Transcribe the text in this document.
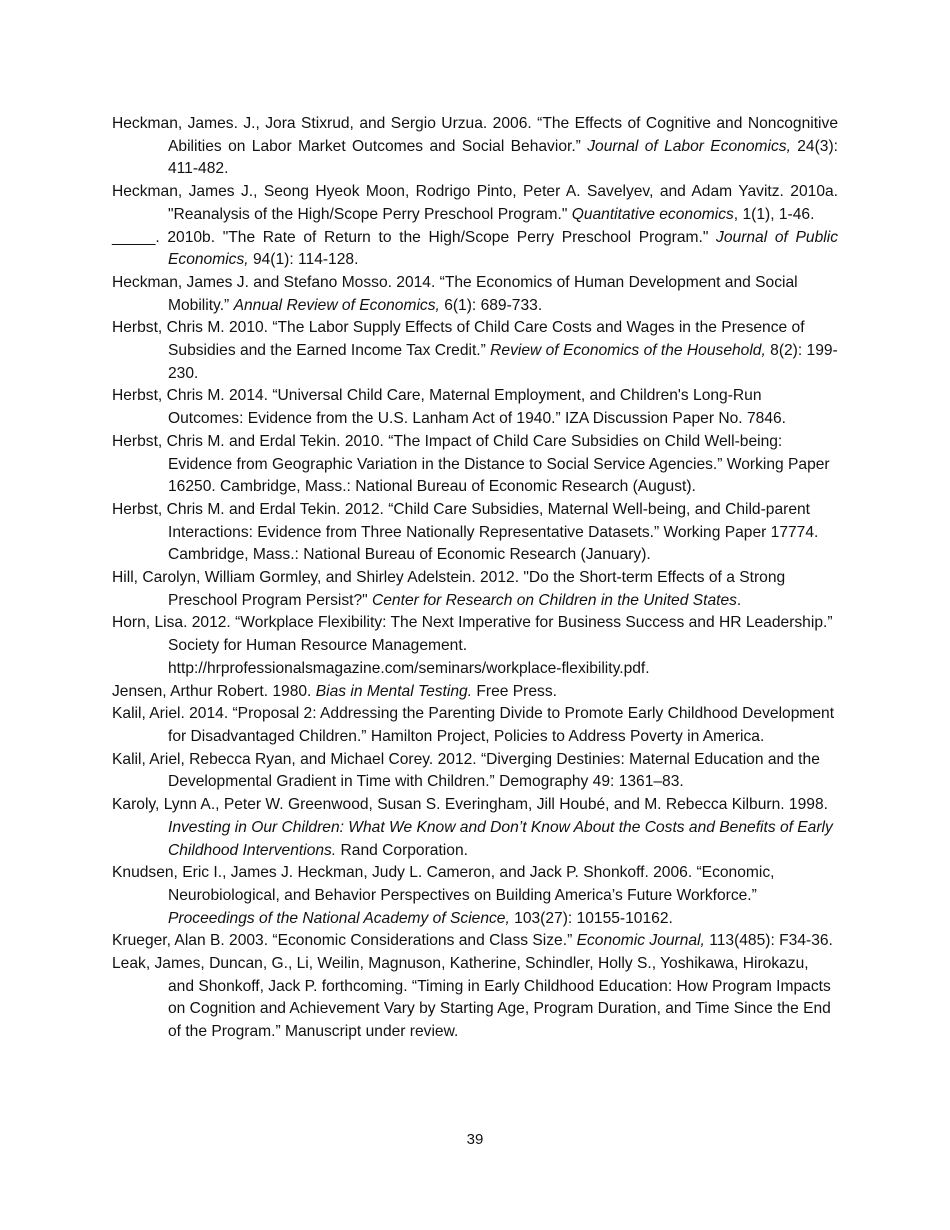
Heckman, James. J., Jora Stixrud, and Sergio Urzua. 2006. “The Effects of Cognitive and Noncognitive Abilities on Labor Market Outcomes and Social Behavior.” Journal of Labor Economics, 24(3): 411-482.

Heckman, James J., Seong Hyeok Moon, Rodrigo Pinto, Peter A. Savelyev, and Adam Yavitz. 2010a. "Reanalysis of the High/Scope Perry Preschool Program." Quantitative economics, 1(1), 1-46.

_____. 2010b. "The Rate of Return to the High/Scope Perry Preschool Program." Journal of Public Economics, 94(1): 114-128.

Heckman, James J. and Stefano Mosso. 2014. “The Economics of Human Development and Social Mobility.” Annual Review of Economics, 6(1): 689-733.

Herbst, Chris M. 2010. “The Labor Supply Effects of Child Care Costs and Wages in the Presence of Subsidies and the Earned Income Tax Credit.” Review of Economics of the Household, 8(2): 199-230.

Herbst, Chris M. 2014. “Universal Child Care, Maternal Employment, and Children's Long-Run Outcomes: Evidence from the U.S. Lanham Act of 1940.” IZA Discussion Paper No. 7846.

Herbst, Chris M. and Erdal Tekin. 2010. “The Impact of Child Care Subsidies on Child Well-being: Evidence from Geographic Variation in the Distance to Social Service Agencies.” Working Paper 16250. Cambridge, Mass.: National Bureau of Economic Research (August).

Herbst, Chris M. and Erdal Tekin. 2012. “Child Care Subsidies, Maternal Well-being, and Child-parent Interactions: Evidence from Three Nationally Representative Datasets.” Working Paper 17774. Cambridge, Mass.: National Bureau of Economic Research (January).

Hill, Carolyn, William Gormley, and Shirley Adelstein. 2012. "Do the Short-term Effects of a Strong Preschool Program Persist?" Center for Research on Children in the United States.

Horn, Lisa. 2012. “Workplace Flexibility: The Next Imperative for Business Success and HR Leadership.” Society for Human Resource Management. http://hrprofessionalsmagazine.com/seminars/workplace-flexibility.pdf.

Jensen, Arthur Robert. 1980. Bias in Mental Testing. Free Press.

Kalil, Ariel. 2014. “Proposal 2: Addressing the Parenting Divide to Promote Early Childhood Development for Disadvantaged Children.” Hamilton Project, Policies to Address Poverty in America.

Kalil, Ariel, Rebecca Ryan, and Michael Corey. 2012. “Diverging Destinies: Maternal Education and the Developmental Gradient in Time with Children.” Demography 49: 1361–83.

Karoly, Lynn A., Peter W. Greenwood, Susan S. Everingham, Jill Houbé, and M. Rebecca Kilburn. 1998. Investing in Our Children: What We Know and Don’t Know About the Costs and Benefits of Early Childhood Interventions. Rand Corporation.

Knudsen, Eric I., James J. Heckman, Judy L. Cameron, and Jack P. Shonkoff. 2006. “Economic, Neurobiological, and Behavior Perspectives on Building America’s Future Workforce.” Proceedings of the National Academy of Science, 103(27): 10155-10162.

Krueger, Alan B. 2003. “Economic Considerations and Class Size.” Economic Journal, 113(485): F34-36.

Leak, James, Duncan, G., Li, Weilin, Magnuson, Katherine, Schindler, Holly S., Yoshikawa, Hirokazu, and Shonkoff, Jack P. forthcoming. “Timing in Early Childhood Education: How Program Impacts on Cognition and Achievement Vary by Starting Age, Program Duration, and Time Since the End of the Program.” Manuscript under review.

39
